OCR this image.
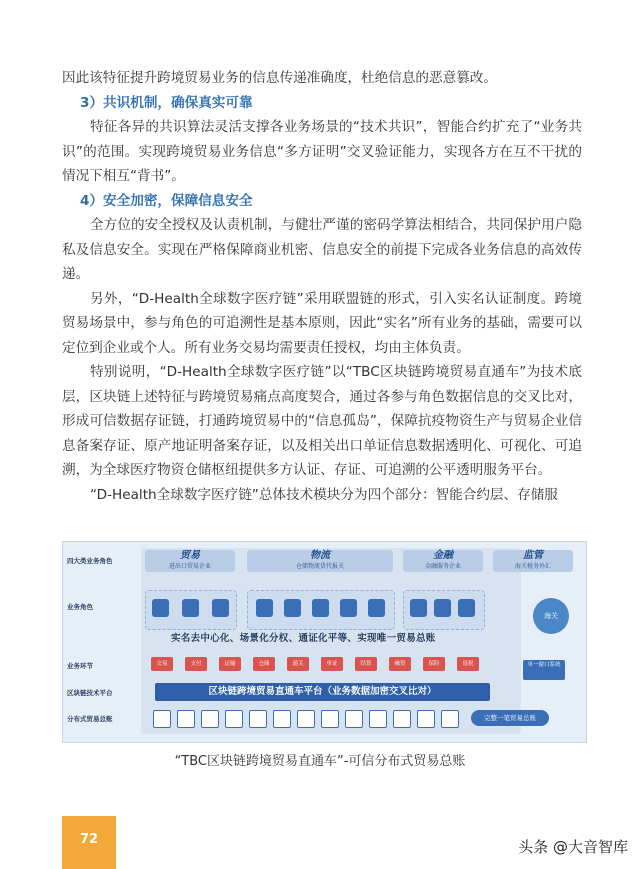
因此该特征提升跨境贸易业务的信息传递准确度，杜绝信息的恶意篡改。

3）共识机制，确保真实可靠

特征各异的共识算法灵活支撑各业务场景的“技术共识”，智能合约扩充了“业务共识”的范围。实现跨境贸易业务信息“多方证明”交叉验证能力，实现各方在互不干扰的情况下相互“背书”。

4）安全加密，保障信息安全

全方位的安全授权及认责机制，与健壮严谨的密码学算法相结合，共同保护用户隐私及信息安全。实现在严格保障商业机密、信息安全的前提下完成各业务信息的高效传递。

另外，“D-Health全球数字医疗链”采用联盟链的形式，引入实名认证制度。跨境贸易场景中，参与角色的可追溯性是基本原则，因此“实名”所有业务的基础，需要可以定位到企业或个人。所有业务交易均需要责任授权，均由主体负责。

特别说明，“D-Health全球数字医疗链”以“TBC区块链跨境贸易直通车”为技术底层，区块链上述特征与跨境贸易痛点高度契合，通过各参与角色数据信息的交叉比对，形成可信数据存证链，打通跨境贸易中的“信息孤岛”，保障抗疫物资生产与贸易企业信息备案存证、原产地证明备案存证，以及相关出口单证信息数据透明化、可视化、可追溯，为全球医疗物资仓储枢纽提供多方认证、存证、可追溯的公平透明服务平台。

“D-Health全球数字医疗链”总体技术模块分为四个部分：智能合约层、存储服

四大类业务角色
业务角色
业务环节
区块链技术平台
分布式贸易总账
贸易
进出口贸易企业
物流
仓储物流货代报关
金融
金融服务企业
监管
海关税务外汇
海关
实名去中心化、场景化分权、通证化平等、实现唯一贸易总账
交易	支付	运输	仓储	通关	单证	结算	融资	保险	退税	单一窗口系统
区块链跨境贸易直通车平台（业务数据加密交叉比对）
完整一笔贸易总账
“TBC区块链跨境贸易直通车”-可信分布式贸易总账
72	头条 @大音智库
